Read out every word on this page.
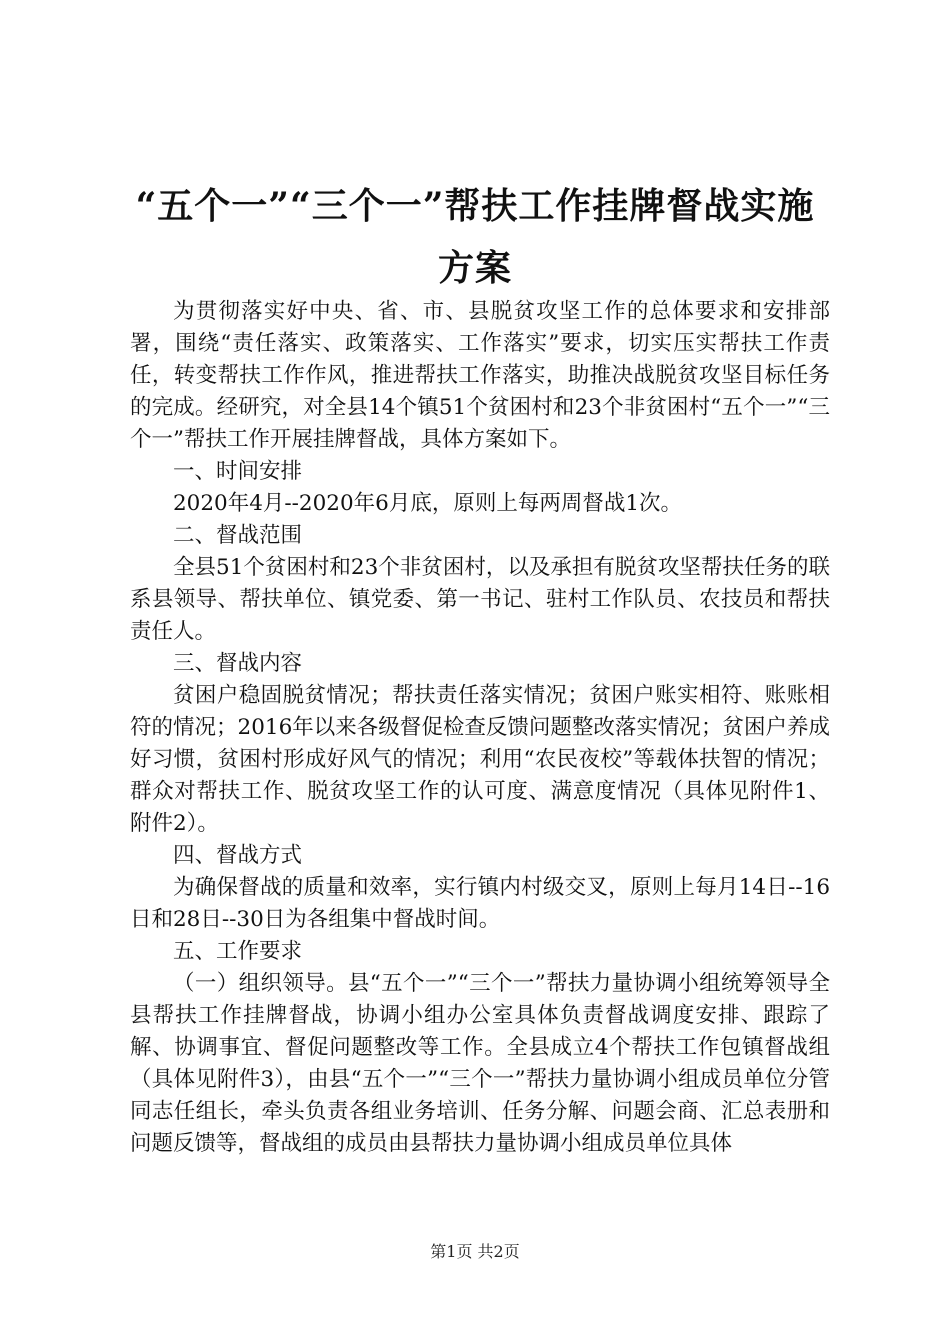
“五个一”“三个一”帮扶工作挂牌督战实施
方案

为贯彻落实好中央、省、市、县脱贫攻坚工作的总体要求和安排部署，围绕“责任落实、政策落实、工作落实”要求，切实压实帮扶工作责任，转变帮扶工作作风，推进帮扶工作落实，助推决战脱贫攻坚目标任务的完成。经研究，对全县14个镇51个贫困村和23个非贫困村“五个一”“三个一”帮扶工作开展挂牌督战，具体方案如下。

一、时间安排

2020年4月--2020年6月底，原则上每两周督战1次。

二、督战范围

全县51个贫困村和23个非贫困村，以及承担有脱贫攻坚帮扶任务的联系县领导、帮扶单位、镇党委、第一书记、驻村工作队员、农技员和帮扶责任人。

三、督战内容

贫困户稳固脱贫情况；帮扶责任落实情况；贫困户账实相符、账账相符的情况；2016年以来各级督促检查反馈问题整改落实情况；贫困户养成好习惯，贫困村形成好风气的情况；利用“农民夜校”等载体扶智的情况；群众对帮扶工作、脱贫攻坚工作的认可度、满意度情况（具体见附件1、附件2）。

四、督战方式

为确保督战的质量和效率，实行镇内村级交叉，原则上每月14日--16日和28日--30日为各组集中督战时间。

五、工作要求

（一）组织领导。县“五个一”“三个一”帮扶力量协调小组统筹领导全县帮扶工作挂牌督战，协调小组办公室具体负责督战调度安排、跟踪了解、协调事宜、督促问题整改等工作。全县成立4个帮扶工作包镇督战组（具体见附件3），由县“五个一”“三个一”帮扶力量协调小组成员单位分管同志任组长，牵头负责各组业务培训、任务分解、问题会商、汇总表册和问题反馈等，督战组的成员由县帮扶力量协调小组成员单位具体

第1页 共2页
